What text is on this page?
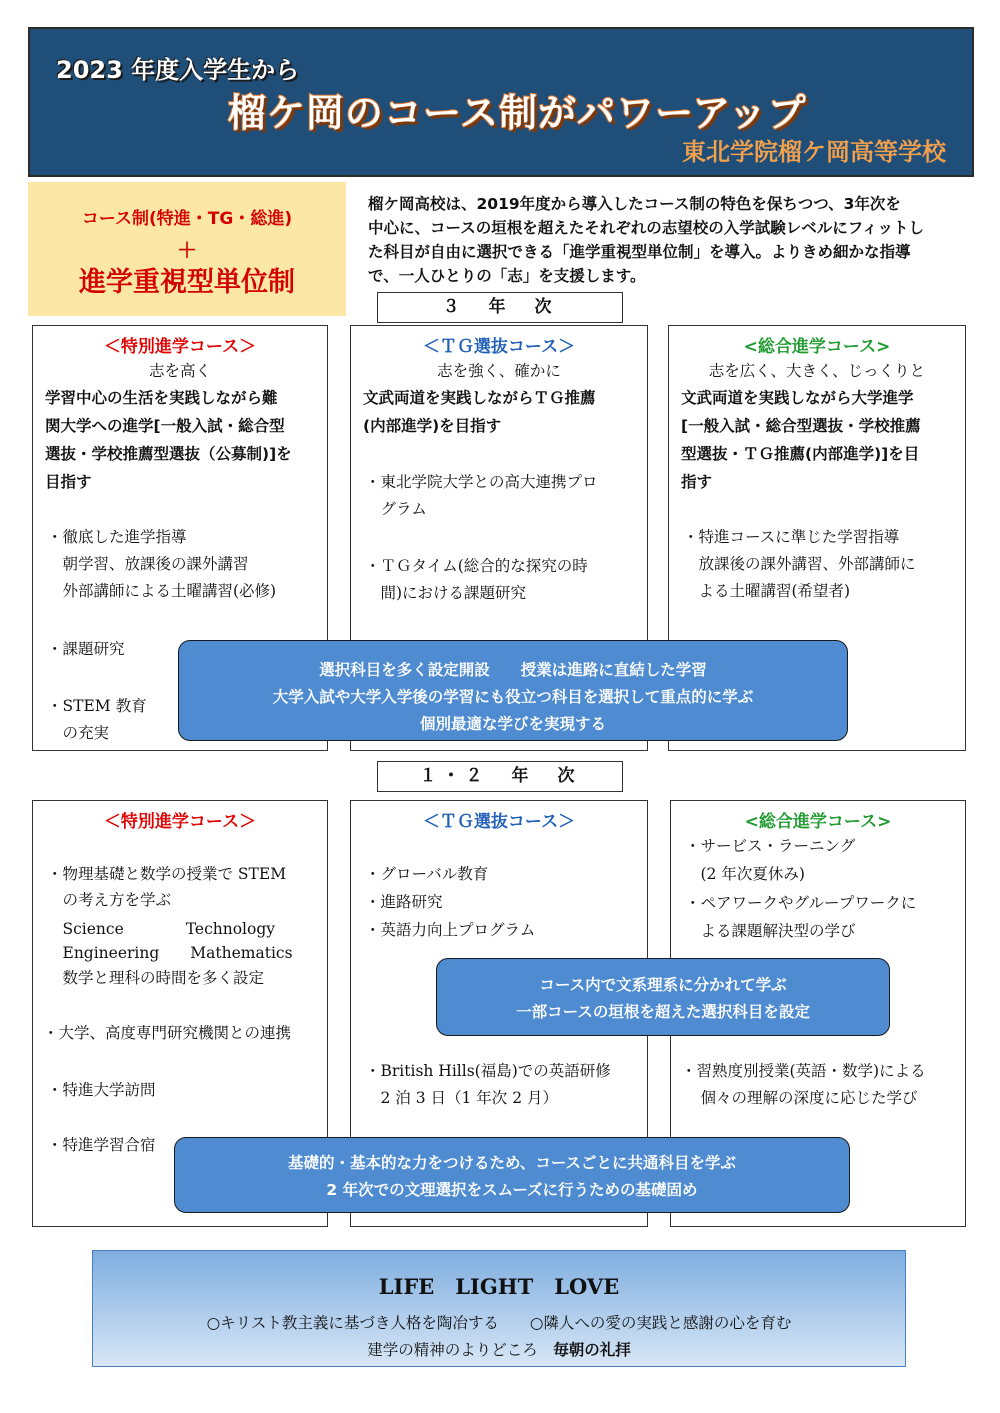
2023 年度入学生から
榴ケ岡のコース制がパワーアップ
東北学院榴ケ岡高等学校
コース制(特進・TG・総進)
＋
進学重視型単位制
榴ケ岡高校は、2019年度から導入したコース制の特色を保ちつつ、3年次を
中心に、コースの垣根を超えたそれぞれの志望校の入学試験レベルにフィットし
た科目が自由に選択できる「進学重視型単位制」を導入。よりきめ細かな指導
で、一人ひとりの「志」を支援します。
３　年　次
＜特別進学コース＞
志を高く
学習中心の生活を実践しながら難
関大学への進学[一般入試・総合型
選抜・学校推薦型選抜（公募制)]を
目指す
・徹底した進学指導
　朝学習、放課後の課外講習
　外部講師による土曜講習(必修)
・課題研究
・STEM 教育
　の充実
＜ＴＧ選抜コース＞
志を強く、確かに
文武両道を実践しながらＴＧ推薦
(内部進学)を目指す
・東北学院大学との高大連携プロ
　グラム
・ＴＧタイム(総合的な探究の時
　間)における課題研究
<総合進学コース>
志を広く、大きく、じっくりと
文武両道を実践しながら大学進学
[一般入試・総合型選抜・学校推薦
型選抜・ＴＧ推薦(内部進学)]を目
指す
・特進コースに準じた学習指導
　放課後の課外講習、外部講師に
　よる土曜講習(希望者)
選択科目を多く設定開設　　授業は進路に直結した学習
大学入試や大学入学後の学習にも役立つ科目を選択して重点的に学ぶ
個別最適な学びを実現する
１・２　年　次
＜特別進学コース＞
・物理基礎と数学の授業で STEM
　の考え方を学ぶ
　Science　　　　Technology
　Engineering　　Mathematics
　数学と理科の時間を多く設定
・大学、高度専門研究機関との連携
・特進大学訪問
・特進学習合宿
＜ＴＧ選抜コース＞
・グローバル教育
・進路研究
・英語力向上プログラム
・British Hills(福島)での英語研修
　2 泊 3 日（1 年次 2 月）
<総合進学コース>
・サービス・ラーニング
　(2 年次夏休み)
・ペアワークやグループワークに
　よる課題解決型の学び
・習熟度別授業(英語・数学)による
　個々の理解の深度に応じた学び
コース内で文系理系に分かれて学ぶ
一部コースの垣根を超えた選択科目を設定
基礎的・基本的な力をつけるため、コースごとに共通科目を学ぶ
2 年次での文理選択をスムーズに行うための基礎固め
LIFE　LIGHT　LOVE
○キリスト教主義に基づき人格を陶冶する　　○隣人への愛の実践と感謝の心を育む
建学の精神のよりどころ　毎朝の礼拝
